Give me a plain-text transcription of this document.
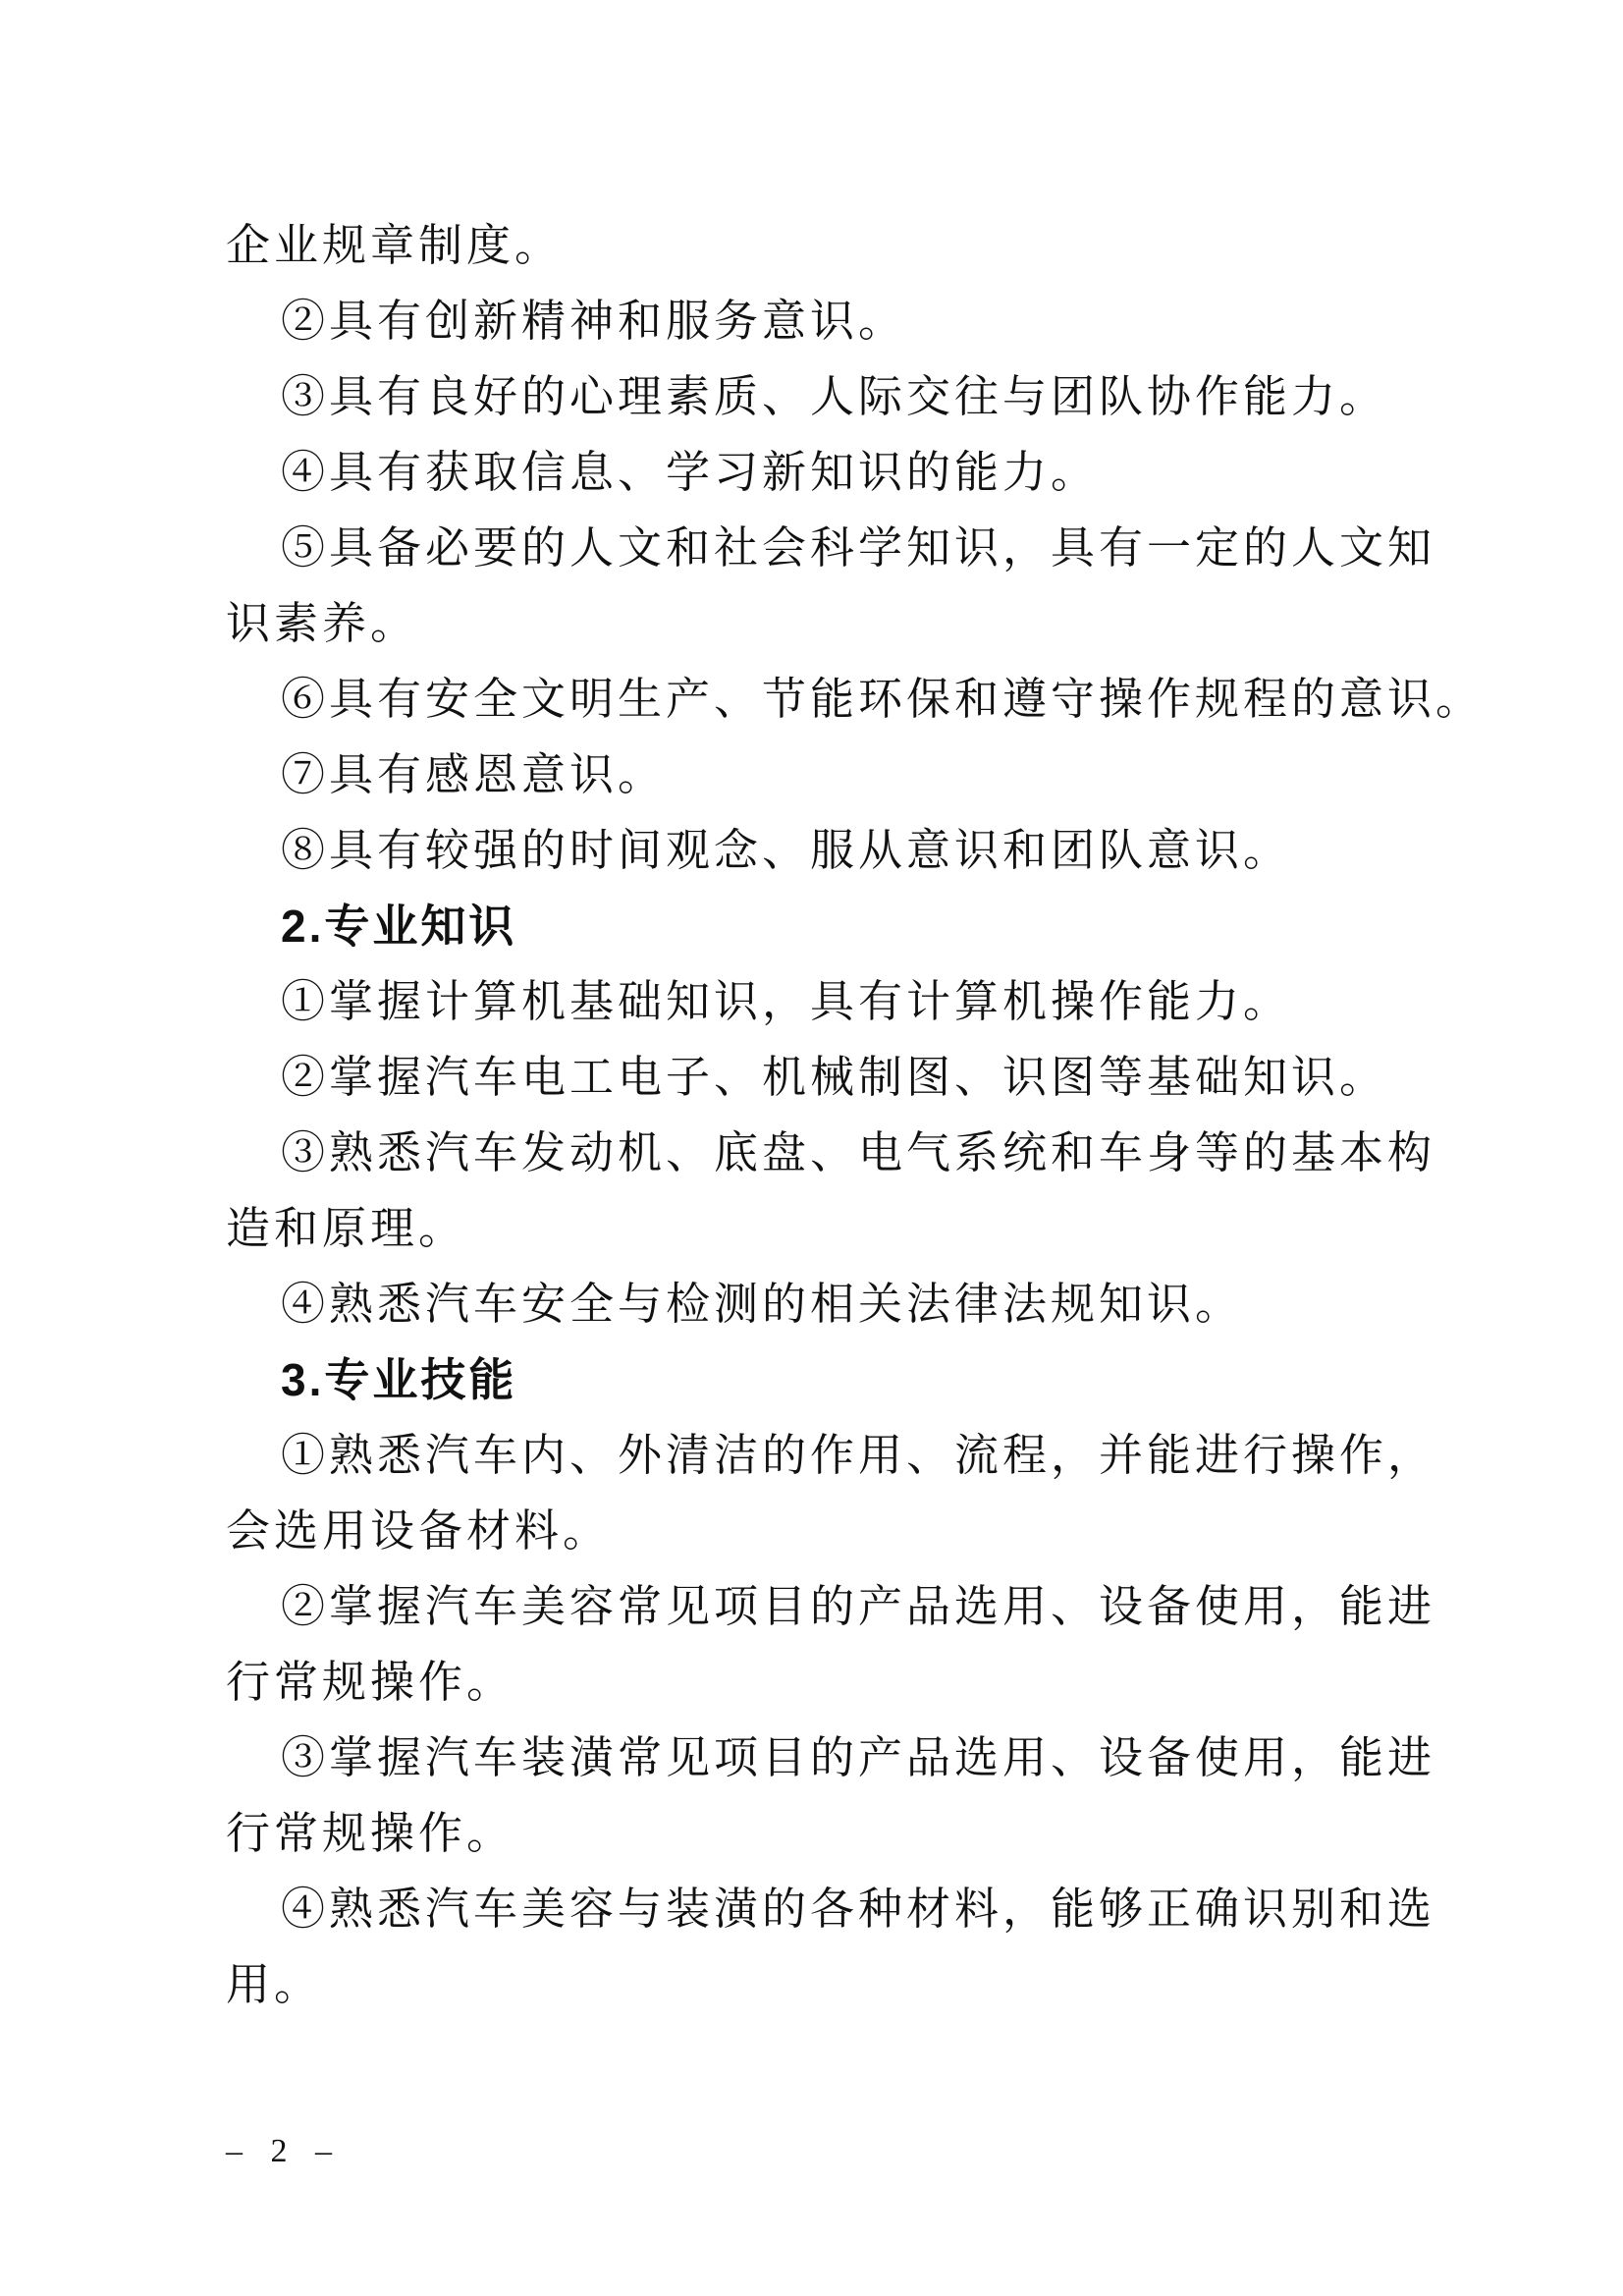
企业规章制度。
②具有创新精神和服务意识。
③具有良好的心理素质、人际交往与团队协作能力。
④具有获取信息、学习新知识的能力。
⑤具备必要的人文和社会科学知识，具有一定的人文知
识素养。
⑥具有安全文明生产、节能环保和遵守操作规程的意识。
⑦具有感恩意识。
⑧具有较强的时间观念、服从意识和团队意识。
2.专业知识
①掌握计算机基础知识，具有计算机操作能力。
②掌握汽车电工电子、机械制图、识图等基础知识。
③熟悉汽车发动机、底盘、电气系统和车身等的基本构
造和原理。
④熟悉汽车安全与检测的相关法律法规知识。
3.专业技能
①熟悉汽车内、外清洁的作用、流程，并能进行操作，
会选用设备材料。
②掌握汽车美容常见项目的产品选用、设备使用，能进
行常规操作。
③掌握汽车装潢常见项目的产品选用、设备使用，能进
行常规操作。
④熟悉汽车美容与装潢的各种材料，能够正确识别和选
用。
– 2 –
